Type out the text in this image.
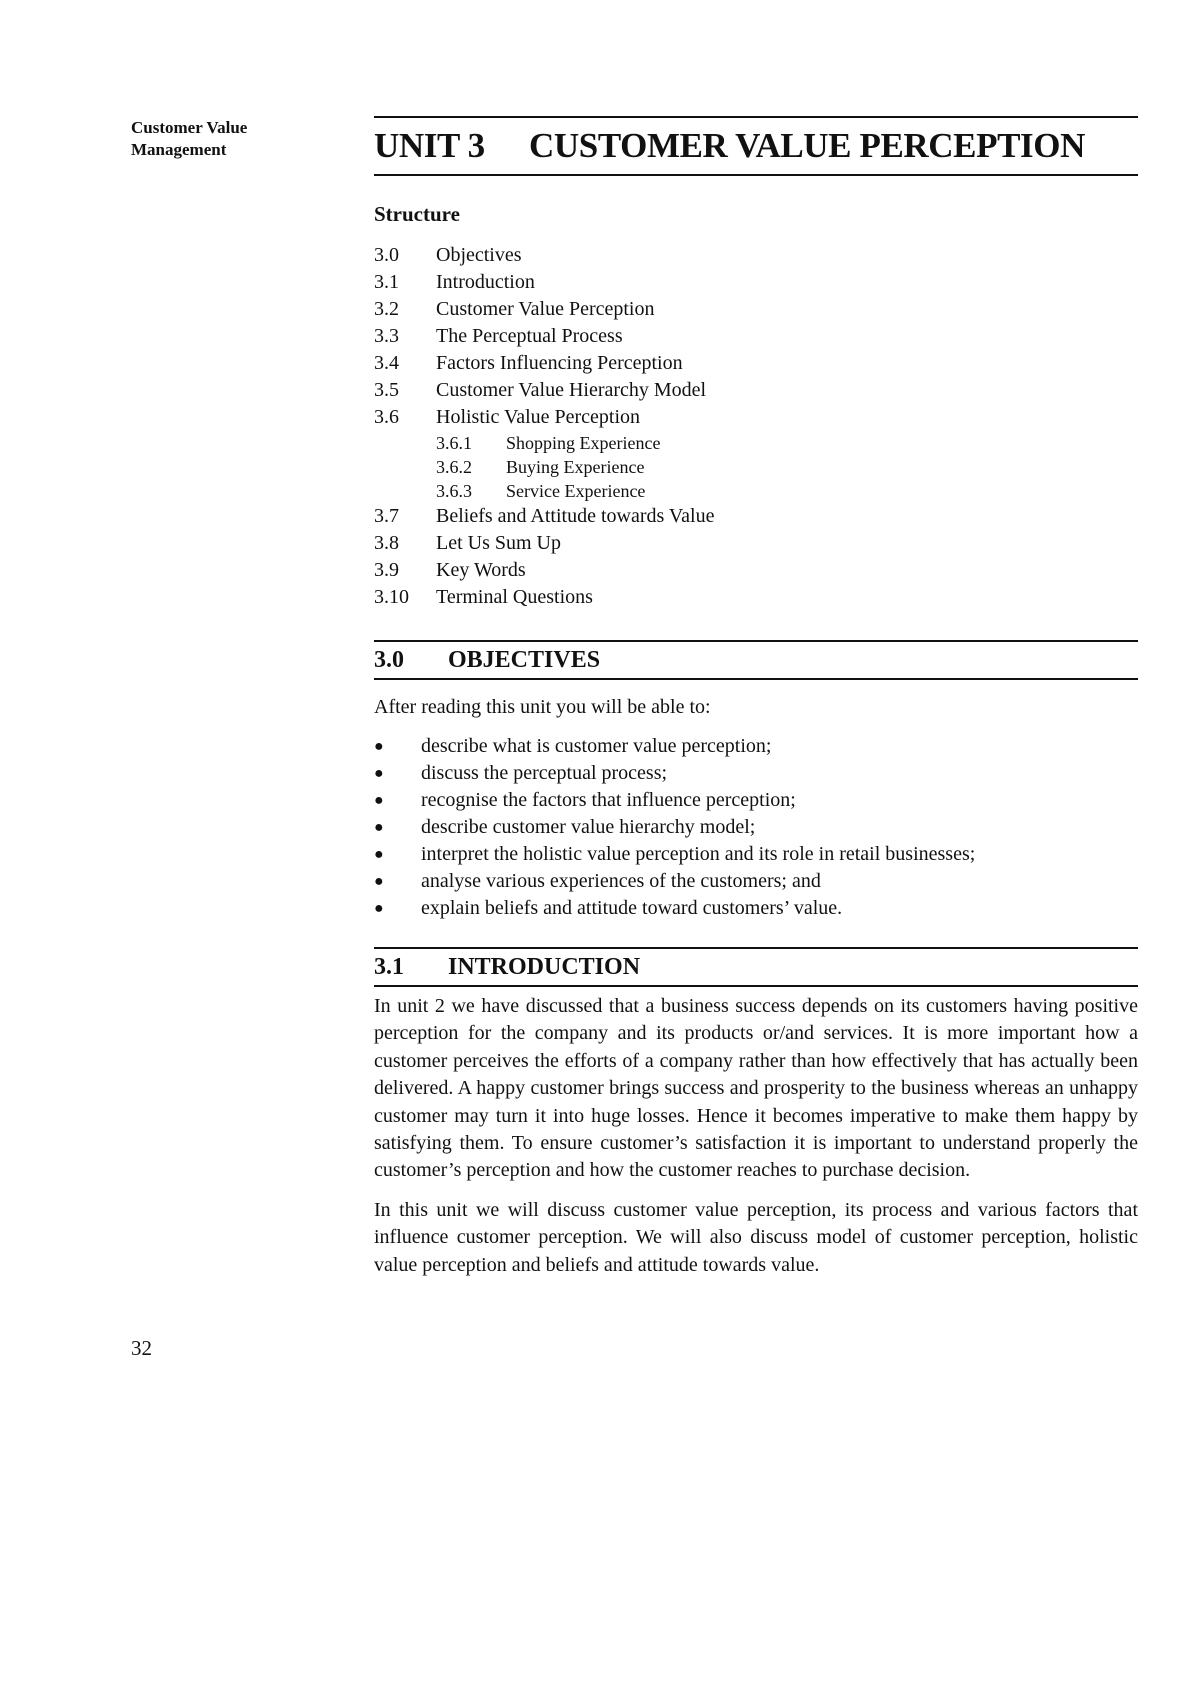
Customer Value Management	UNIT 3	CUSTOMER VALUE PERCEPTION
Structure
3.0	Objectives
3.1	Introduction
3.2	Customer Value Perception
3.3	The Perceptual Process
3.4	Factors Influencing Perception
3.5	Customer Value Hierarchy Model
3.6	Holistic Value Perception
3.6.1	Shopping Experience
3.6.2	Buying Experience
3.6.3	Service Experience
3.7	Beliefs and Attitude towards Value
3.8	Let Us Sum Up
3.9	Key Words
3.10	Terminal Questions
3.0	OBJECTIVES
After reading this unit you will be able to:
●	describe what is customer value perception;
●	discuss the perceptual process;
●	recognise the factors that influence perception;
●	describe customer value hierarchy model;
●	interpret the holistic value perception and its role in retail businesses;
●	analyse various experiences of the customers; and
●	explain beliefs and attitude toward customers’ value.
3.1	INTRODUCTION

In unit 2 we have discussed that a business success depends on its customers having positive perception for the company and its products or/and services. It is more important how a customer perceives the efforts of a company rather than how effectively that has actually been delivered. A happy customer brings success and prosperity to the business whereas an unhappy customer may turn it into huge losses. Hence it becomes imperative to make them happy by satisfying them. To ensure customer’s satisfaction it is important to understand properly the customer’s perception and how the customer reaches to purchase decision.

In this unit we will discuss customer value perception, its process and various factors that influence customer perception. We will also discuss model of customer perception, holistic value perception and beliefs and attitude towards value.

32
